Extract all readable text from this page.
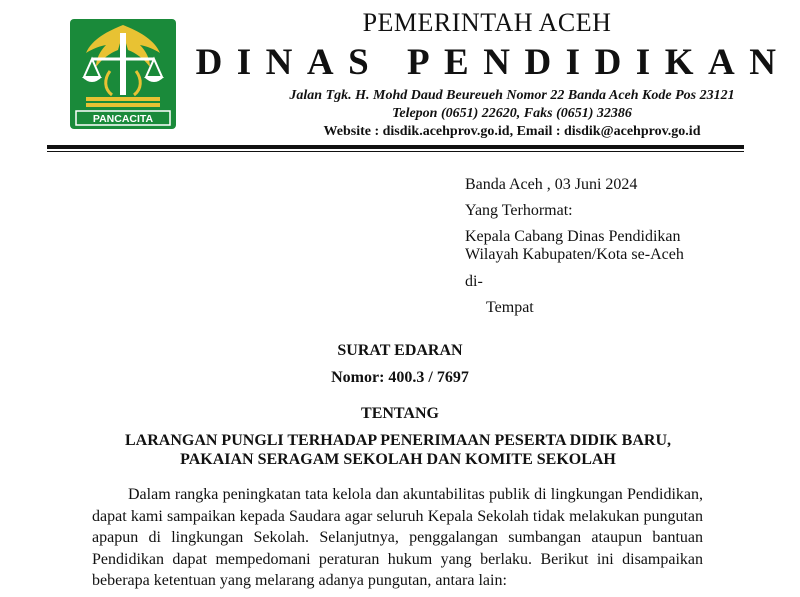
PANCACITA
PEMERINTAH ACEH
DINAS PENDIDIKAN
Jalan Tgk. H. Mohd Daud Beureueh Nomor 22 Banda Aceh Kode Pos 23121
Telepon (0651) 22620, Faks (0651) 32386
Website : disdik.acehprov.go.id, Email : disdik@acehprov.go.id
Banda Aceh , 03 Juni 2024
Yang Terhormat:
Kepala Cabang Dinas Pendidikan
Wilayah Kabupaten/Kota se-Aceh
di-
Tempat
SURAT EDARAN
Nomor: 400.3 / 7697
TENTANG
LARANGAN PUNGLI TERHADAP PENERIMAAN PESERTA DIDIK BARU,
PAKAIAN SERAGAM SEKOLAH DAN KOMITE SEKOLAH
Dalam rangka peningkatan tata kelola dan akuntabilitas publik di lingkungan Pendidikan, dapat kami sampaikan kepada Saudara agar seluruh Kepala Sekolah tidak melakukan pungutan apapun di lingkungan Sekolah. Selanjutnya, penggalangan sumbangan ataupun bantuan Pendidikan dapat mempedomani peraturan hukum yang berlaku. Berikut ini disampaikan beberapa ketentuan yang melarang adanya pungutan, antara lain:
